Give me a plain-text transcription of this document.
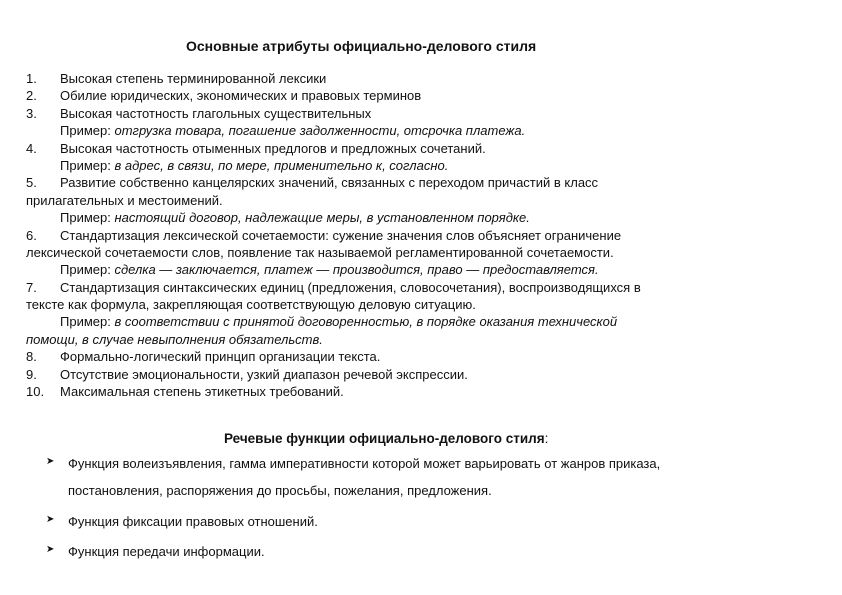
Основные атрибуты официально-делового стиля
1. Высокая степень терминированной лексики
2. Обилие юридических, экономических и правовых терминов
3. Высокая частотность глагольных существительных
Пример: отгрузка товара, погашение задолженности, отсрочка платежа.
4. Высокая частотность отыменных предлогов и предложных сочетаний.
Пример: в адрес, в связи, по мере, применительно к, согласно.
5. Развитие собственно канцелярских значений, связанных с переходом причастий в класс
прилагательных и местоимений.
Пример: настоящий договор, надлежащие меры, в установленном порядке.
6. Стандартизация лексической сочетаемости: сужение значения слов объясняет ограничение
лексической сочетаемости слов, появление так называемой регламентированной сочетаемости.
Пример: сделка — заключается, платеж — производится, право — предоставляется.
7. Стандартизация синтаксических единиц (предложения, словосочетания), воспроизводящихся в
тексте как формула, закрепляющая соответствующую деловую ситуацию.
Пример: в соответствии с принятой договоренностью, в порядке оказания технической
помощи, в случае невыполнения обязательств.
8. Формально-логический принцип организации текста.
9. Отсутствие эмоциональности, узкий диапазон речевой экспрессии.
10. Максимальная степень этикетных требований.
Речевые функции официально-делового стиля:
➤ Функция волеизъявления, гамма императивности которой может варьировать от жанров приказа,
постановления, распоряжения до просьбы, пожелания, предложения.
➤ Функция фиксации правовых отношений.
➤ Функция передачи информации.
